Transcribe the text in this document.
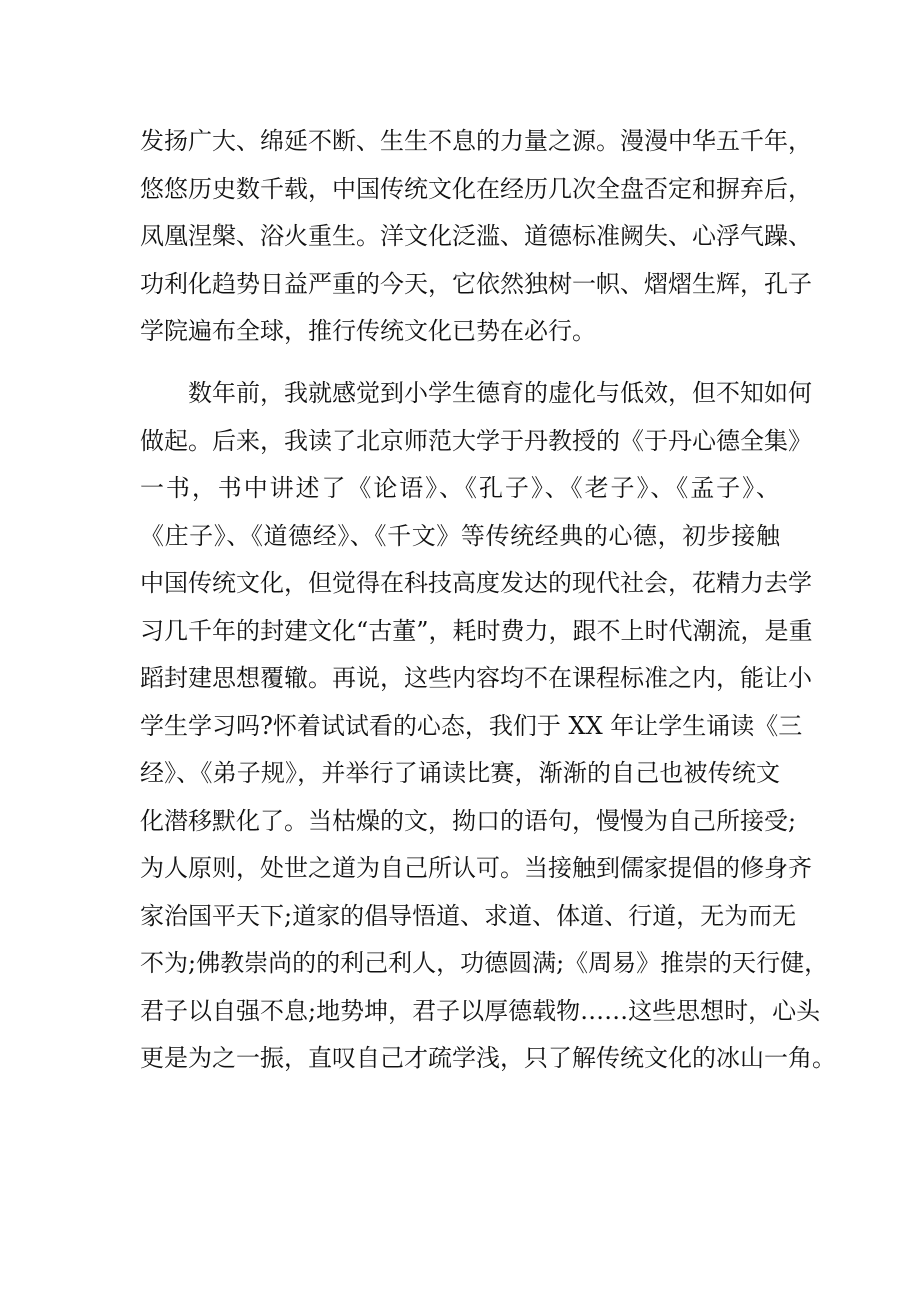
发扬广大、绵延不断、生生不息的力量之源。漫漫中华五千年，
悠悠历史数千载，中国传统文化在经历几次全盘否定和摒弃后，
凤凰涅槃、浴火重生。洋文化泛滥、道德标准阙失、心浮气躁、
功利化趋势日益严重的今天，它依然独树一帜、熠熠生辉，孔子
学院遍布全球，推行传统文化已势在必行。
数年前，我就感觉到小学生德育的虚化与低效，但不知如何
做起。后来，我读了北京师范大学于丹教授的《于丹心德全集》
一书，书中讲述了《论语》、《孔子》、《老子》、《孟子》、
《庄子》、《道德经》、《千文》等传统经典的心德，初步接触
中国传统文化，但觉得在科技高度发达的现代社会，花精力去学
习几千年的封建文化“古董”，耗时费力，跟不上时代潮流，是重
蹈封建思想覆辙。再说，这些内容均不在课程标准之内，能让小
学生学习吗?怀着试试看的心态，我们于 XX 年让学生诵读《三
经》、《弟子规》，并举行了诵读比赛，渐渐的自己也被传统文
化潜移默化了。当枯燥的文，拗口的语句，慢慢为自己所接受;
为人原则，处世之道为自己所认可。当接触到儒家提倡的修身齐
家治国平天下;道家的倡导悟道、求道、体道、行道，无为而无
不为;佛教崇尚的的利己利人，功德圆满;《周易》推崇的天行健，
君子以自强不息;地势坤，君子以厚德载物……这些思想时，心头
更是为之一振，直叹自己才疏学浅，只了解传统文化的冰山一角。
